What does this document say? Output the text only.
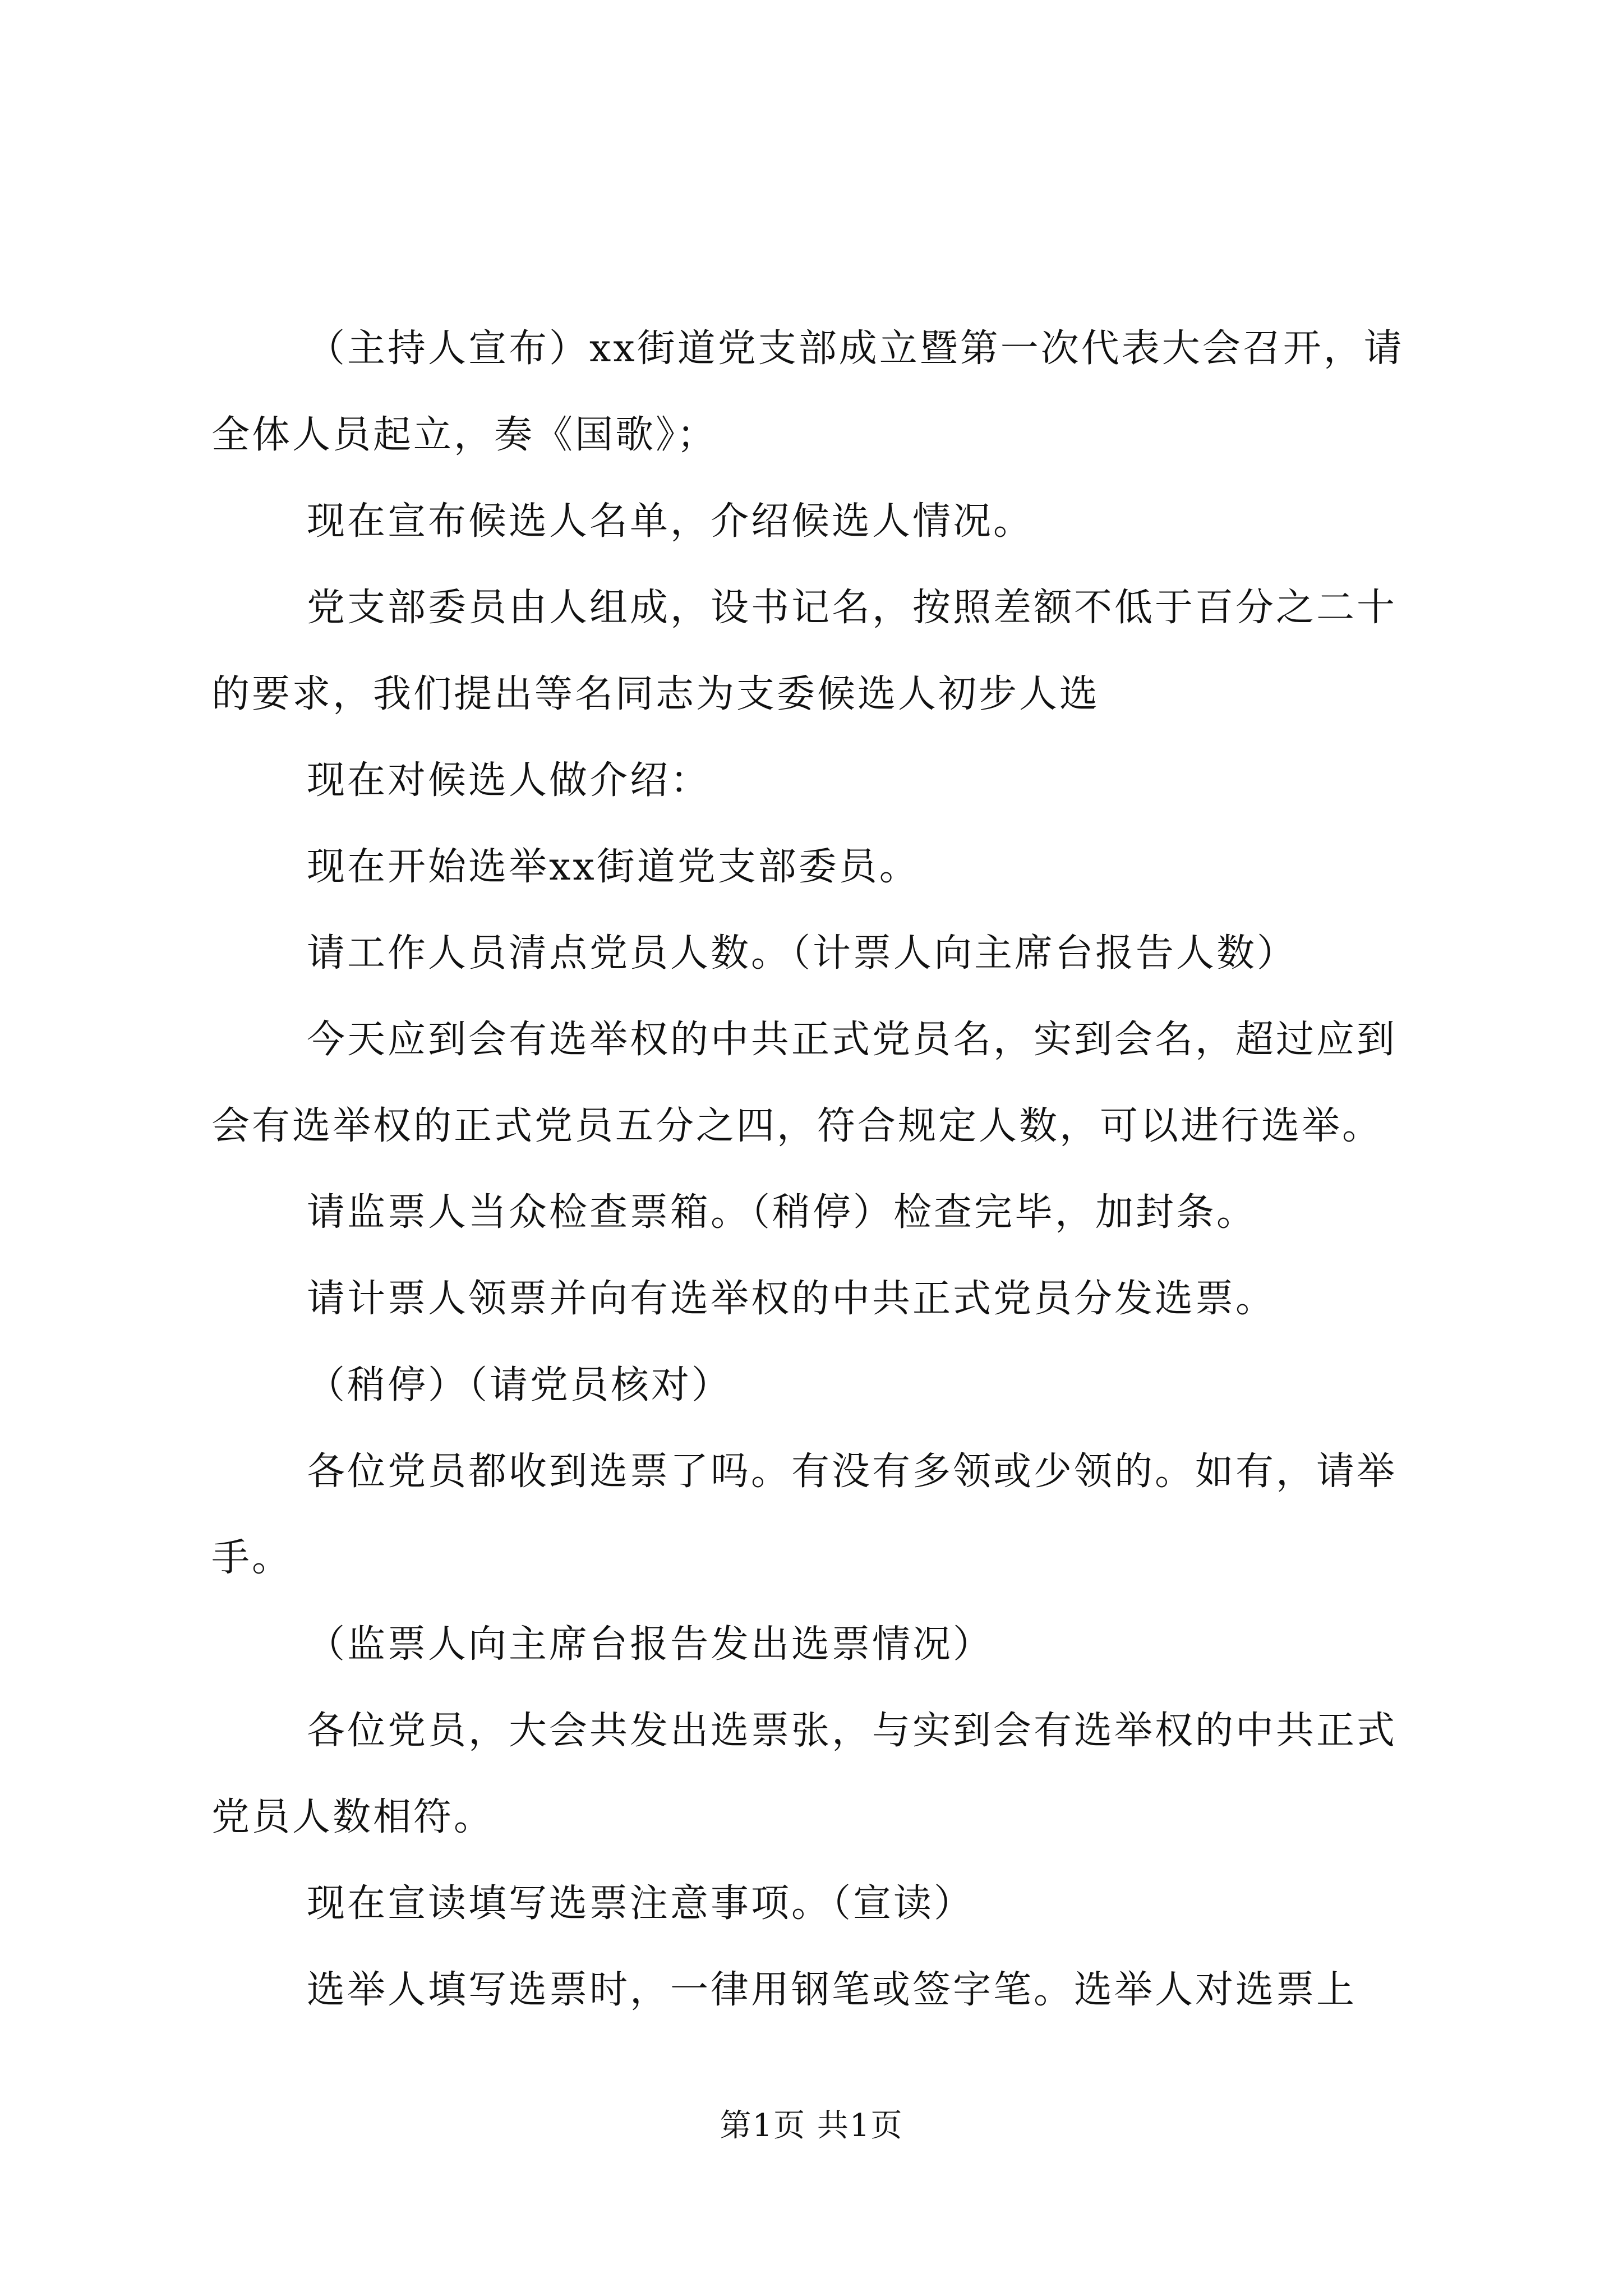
（主持人宣布）xx街道党支部成立暨第一次代表大会召开，请全体人员起立，奏《国歌》；

现在宣布候选人名单，介绍候选人情况。

党支部委员由人组成，设书记名，按照差额不低于百分之二十的要求，我们提出等名同志为支委候选人初步人选

现在对候选人做介绍：

现在开始选举xx街道党支部委员。

请工作人员清点党员人数。（计票人向主席台报告人数）

今天应到会有选举权的中共正式党员名，实到会名，超过应到会有选举权的正式党员五分之四，符合规定人数，可以进行选举。

请监票人当众检查票箱。（稍停）检查完毕，加封条。

请计票人领票并向有选举权的中共正式党员分发选票。

（稍停）（请党员核对）

各位党员都收到选票了吗。有没有多领或少领的。如有，请举手。

（监票人向主席台报告发出选票情况）

各位党员，大会共发出选票张，与实到会有选举权的中共正式党员人数相符。

现在宣读填写选票注意事项。（宣读）

选举人填写选票时，一律用钢笔或签字笔。选举人对选票上

第1页 共1页
